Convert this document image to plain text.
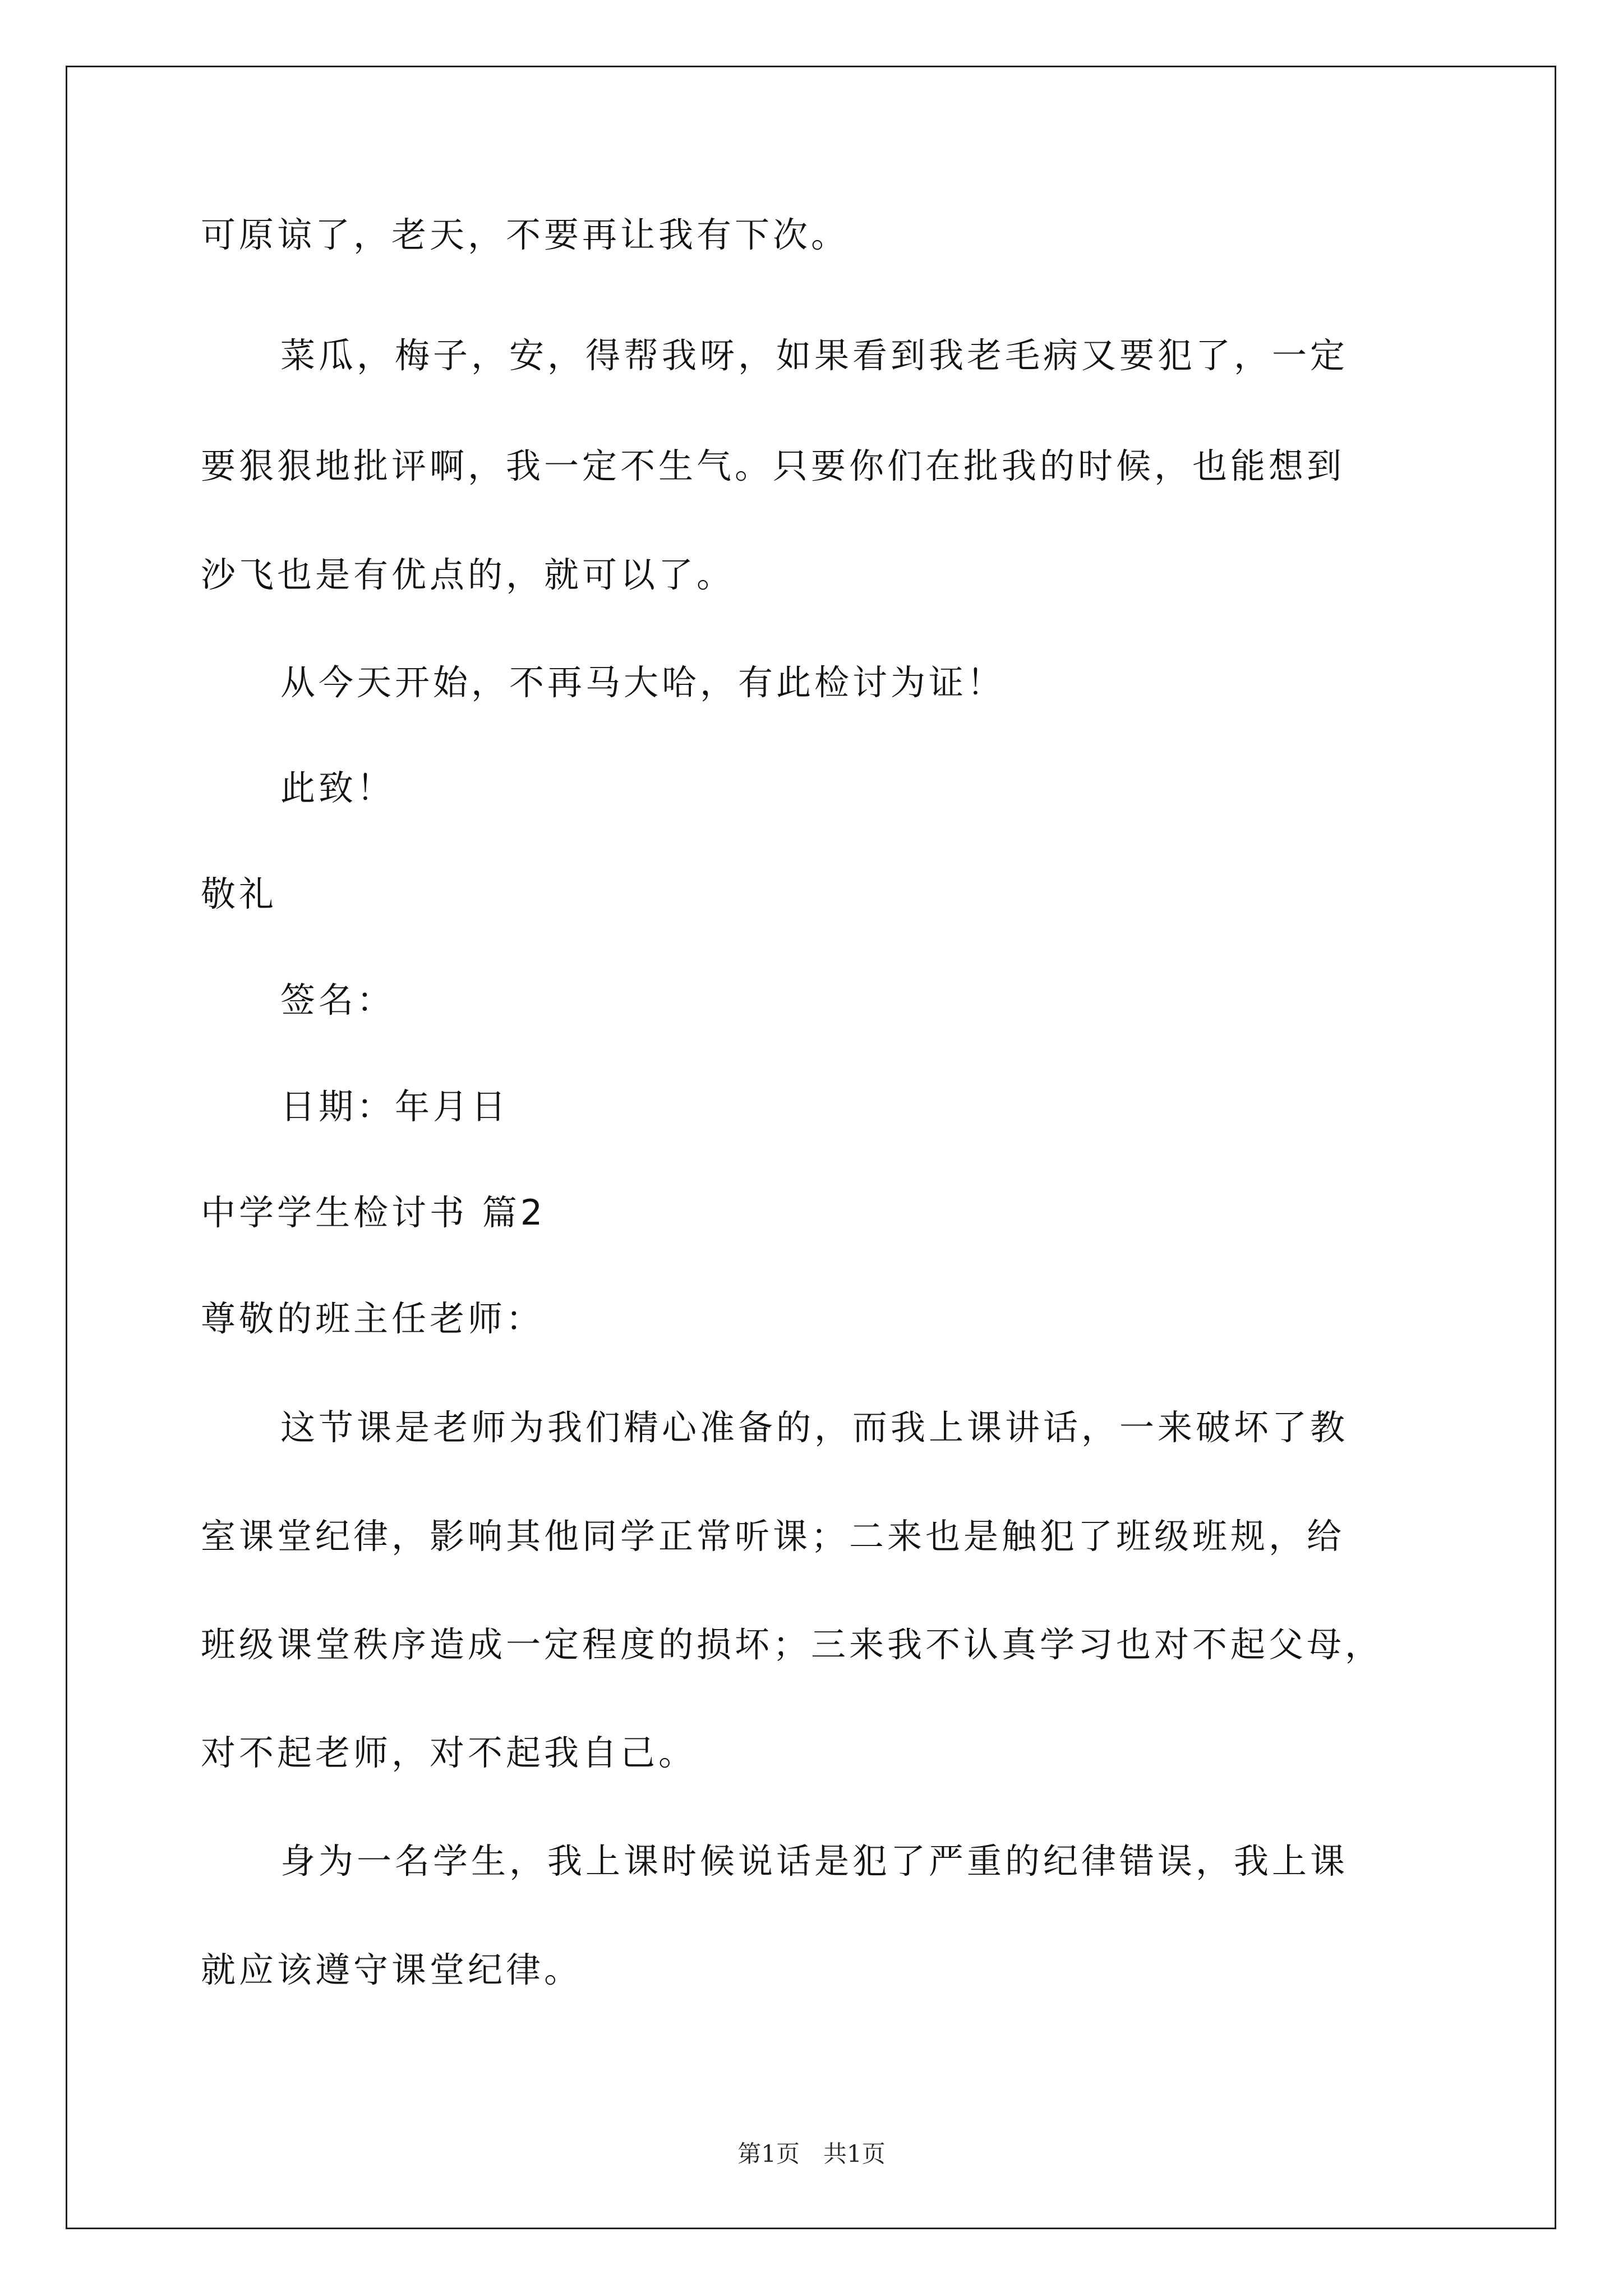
可原谅了，老天，不要再让我有下次。
菜瓜，梅子，安，得帮我呀，如果看到我老毛病又要犯了，一定
要狠狠地批评啊，我一定不生气。只要你们在批我的时候，也能想到
沙飞也是有优点的，就可以了。
从今天开始，不再马大哈，有此检讨为证！
此致！
敬礼
签名：
日期：年月日
中学学生检讨书 篇2
尊敬的班主任老师：
这节课是老师为我们精心准备的，而我上课讲话，一来破坏了教
室课堂纪律，影响其他同学正常听课；二来也是触犯了班级班规，给
班级课堂秩序造成一定程度的损坏；三来我不认真学习也对不起父母，
对不起老师，对不起我自己。
身为一名学生，我上课时候说话是犯了严重的纪律错误，我上课
就应该遵守课堂纪律。
第1页　共1页
